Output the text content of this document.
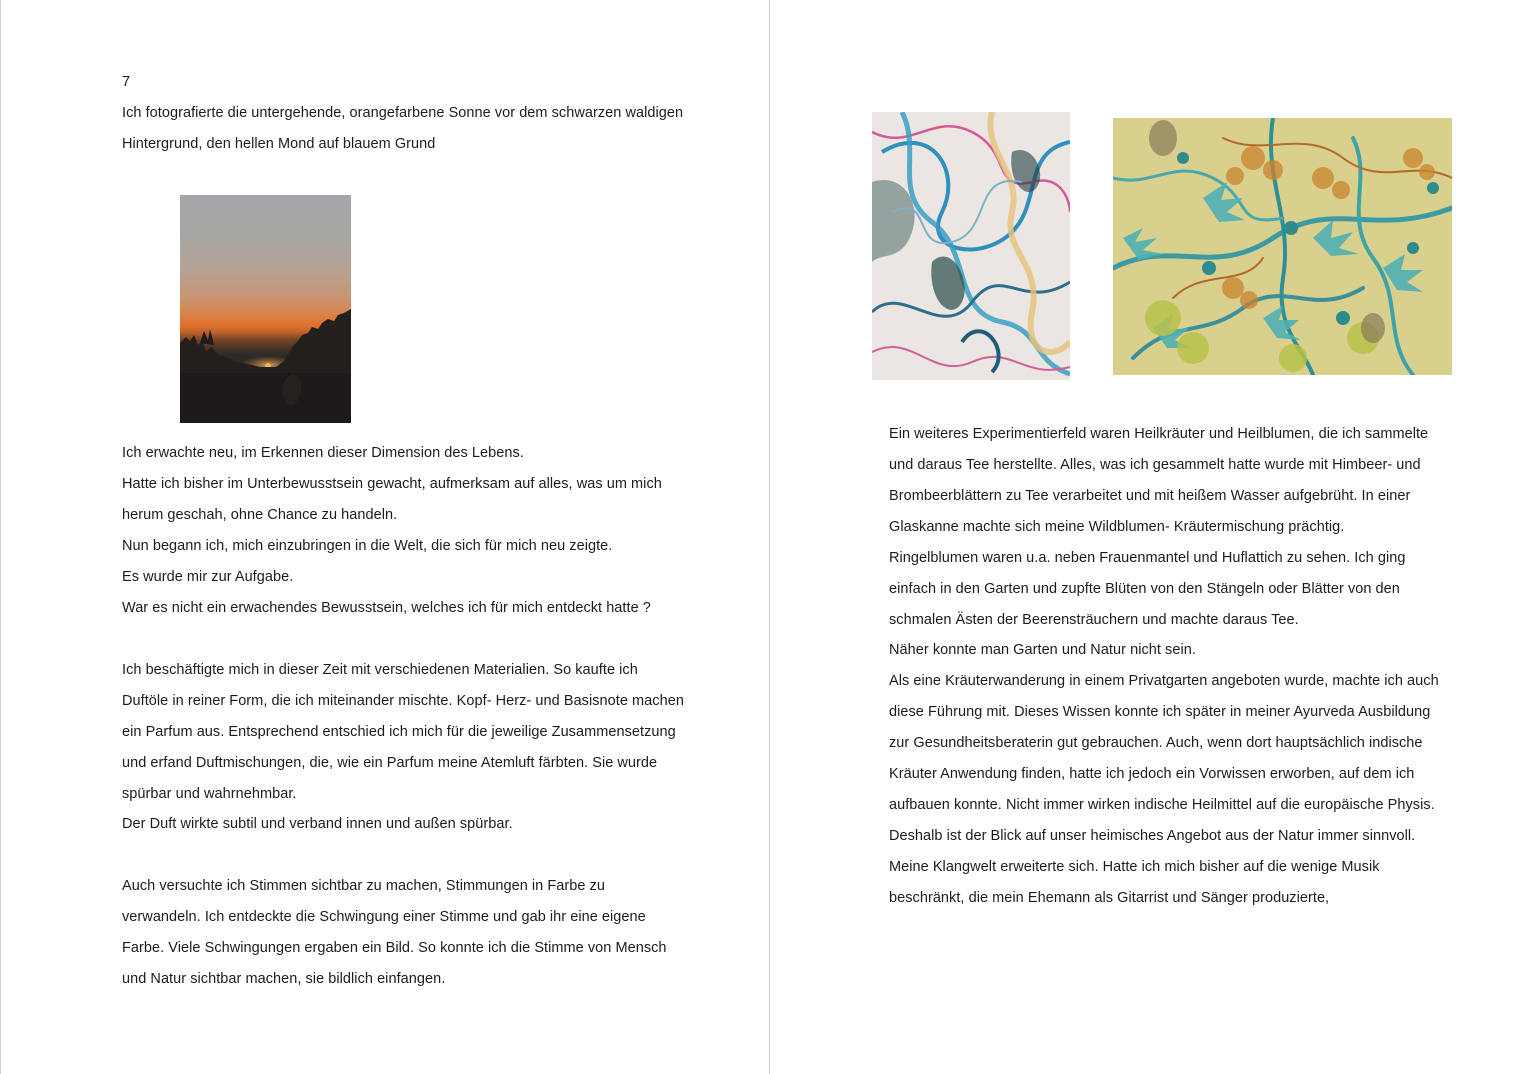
7
Ich fotografierte die untergehende, orangefarbene Sonne vor dem schwarzen waldigen
Hintergrund, den hellen Mond auf blauem Grund
Ich erwachte neu, im Erkennen dieser Dimension des Lebens.
Hatte ich bisher im Unterbewusstsein gewacht, aufmerksam auf alles, was um mich
herum geschah, ohne Chance zu handeln.
Nun begann ich, mich einzubringen in die Welt, die sich für mich neu zeigte.
Es wurde mir zur Aufgabe.
War es nicht ein erwachendes Bewusstsein, welches ich für mich entdeckt hatte ?
Ich beschäftigte mich in dieser Zeit mit verschiedenen Materialien. So kaufte ich
Duftöle in reiner Form, die ich miteinander mischte. Kopf- Herz- und Basisnote machen
ein Parfum aus. Entsprechend entschied ich mich für die jeweilige Zusammensetzung
und erfand Duftmischungen, die, wie ein Parfum meine Atemluft färbten. Sie wurde
spürbar und wahrnehmbar.
Der Duft wirkte subtil und verband innen und außen spürbar.
Auch versuchte ich Stimmen sichtbar zu machen, Stimmungen in Farbe zu
verwandeln. Ich entdeckte die Schwingung einer Stimme und gab ihr eine eigene
Farbe. Viele Schwingungen ergaben ein Bild. So konnte ich die Stimme von Mensch
und Natur sichtbar machen, sie bildlich einfangen.
Ein weiteres Experimentierfeld waren Heilkräuter und Heilblumen, die ich sammelte
und daraus Tee herstellte. Alles, was ich gesammelt hatte wurde mit Himbeer- und
Brombeerblättern zu Tee verarbeitet und mit heißem Wasser aufgebrüht. In einer
Glaskanne machte sich meine Wildblumen- Kräutermischung prächtig.
Ringelblumen waren u.a. neben Frauenmantel und Huflattich zu sehen. Ich ging
einfach in den Garten und zupfte Blüten von den Stängeln oder Blätter von den
schmalen Ästen der Beerensträuchern und machte daraus Tee.
Näher konnte man Garten und Natur nicht sein.
Als eine Kräuterwanderung in einem Privatgarten angeboten wurde, machte ich auch
diese Führung mit. Dieses Wissen konnte ich später in meiner Ayurveda Ausbildung
zur Gesundheitsberaterin gut gebrauchen. Auch, wenn dort hauptsächlich indische
Kräuter Anwendung finden, hatte ich jedoch ein Vorwissen erworben, auf dem ich
aufbauen konnte. Nicht immer wirken indische Heilmittel auf die europäische Physis.
Deshalb ist der Blick auf unser heimisches Angebot aus der Natur immer sinnvoll.
Meine Klangwelt erweiterte sich. Hatte ich mich bisher auf die wenige Musik
beschränkt, die mein Ehemann als Gitarrist und Sänger produzierte,
